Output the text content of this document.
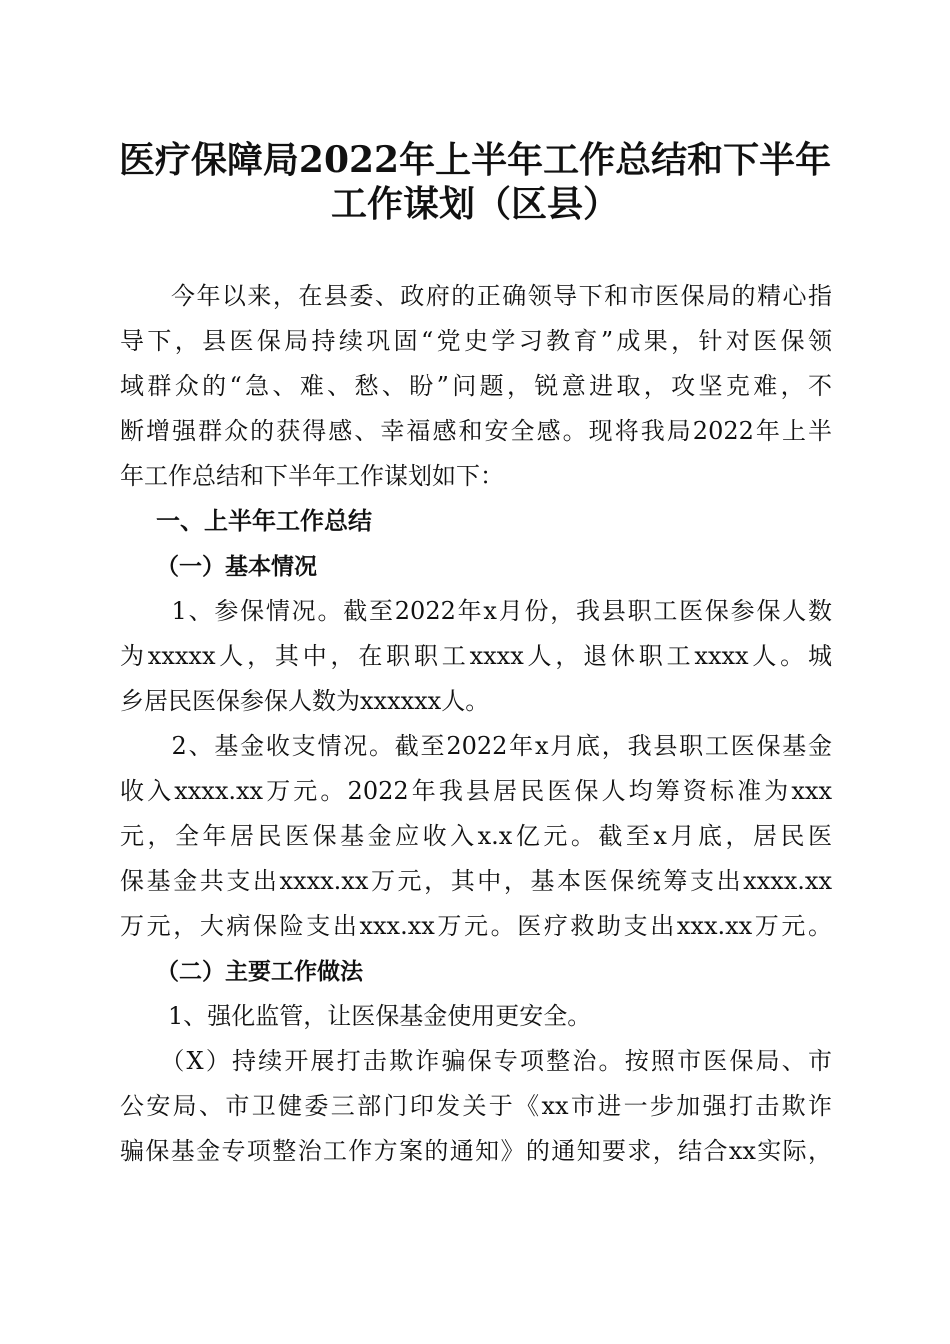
医疗保障局2022年上半年工作总结和下半年
工作谋划（区县）
　　今年以来，在县委、政府的正确领导下和市医保局的精心指
导下，县医保局持续巩固“党史学习教育”成果，针对医保领
域群众的“急、难、愁、盼”问题，锐意进取，攻坚克难，不
断增强群众的获得感、幸福感和安全感。现将我局2022年上半
年工作总结和下半年工作谋划如下：
一、上半年工作总结
（一）基本情况
　　1、参保情况。截至2022年x月份，我县职工医保参保人数
为xxxxx人，其中，在职职工xxxx人，退休职工xxxx人。城
乡居民医保参保人数为xxxxxx人。
　　2、基金收支情况。截至2022年x月底，我县职工医保基金
收入xxxx.xx万元。2022年我县居民医保人均筹资标准为xxx
元，全年居民医保基金应收入x.x亿元。截至x月底，居民医
保基金共支出xxxx.xx万元，其中，基本医保统筹支出xxxx.xx
万元，大病保险支出xxx.xx万元。医疗救助支出xxx.xx万元。
（二）主要工作做法
　　1、强化监管，让医保基金使用更安全。
　　（X）持续开展打击欺诈骗保专项整治。按照市医保局、市
公安局、市卫健委三部门印发关于《xx市进一步加强打击欺诈
骗保基金专项整治工作方案的通知》的通知要求，结合xx实际，
